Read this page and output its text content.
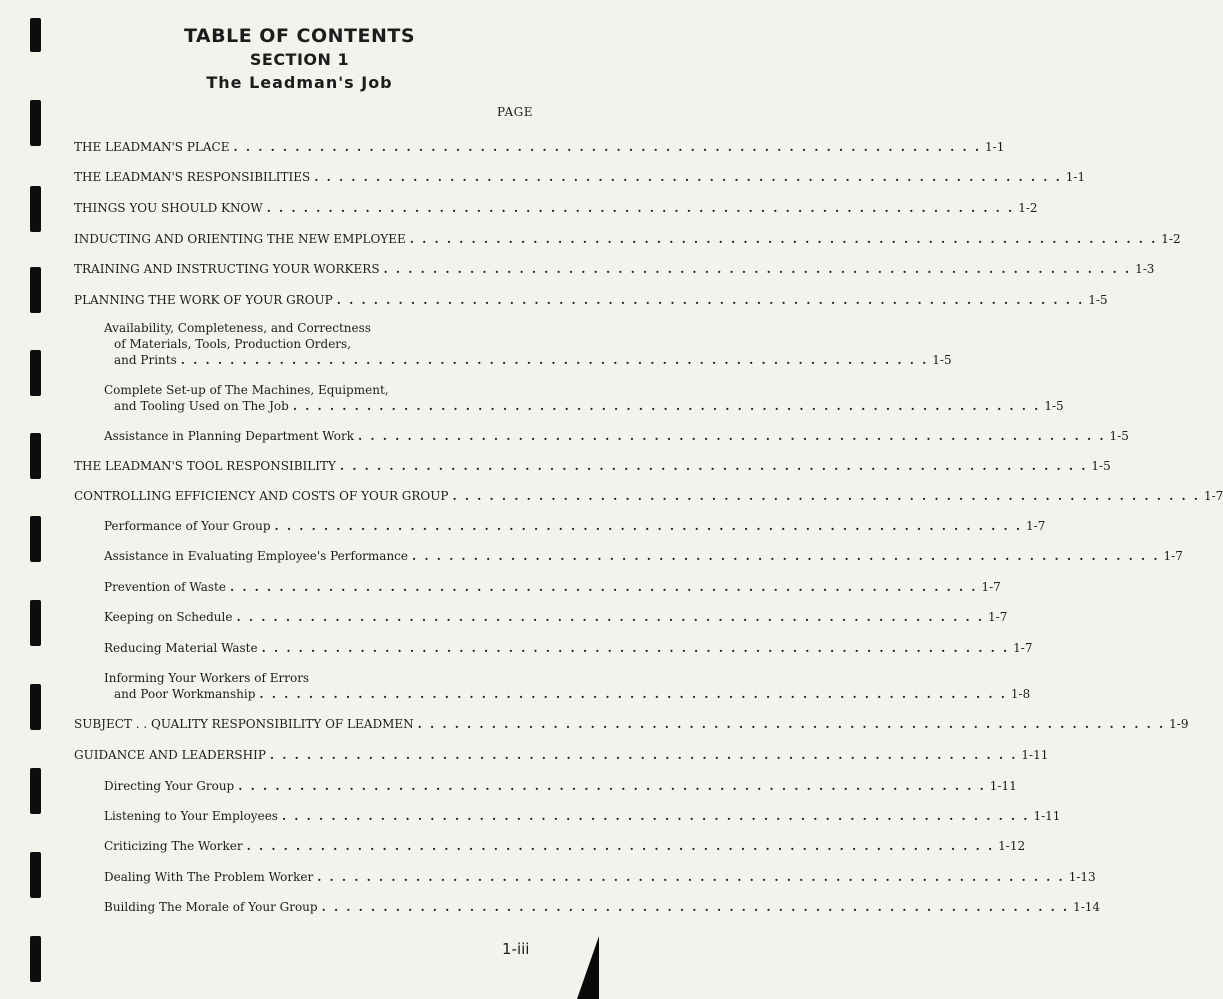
TABLE OF CONTENTS
SECTION 1
The Leadman's Job
PAGE
THE LEADMAN'S PLACE . . . . . . . . . . . . . . . . . . . . . . . . . . . . . . . . . . . . . . . . . . . . . . . . . . . . . . . . . . . . . 1-1
THE LEADMAN'S RESPONSIBILITIES . . . . . . . . . . . . . . . . . . . . . . . . . . . . . . . . . . . . . . . . . . . . . . . . . . . . . . . . . . . . . 1-1
THINGS YOU SHOULD KNOW . . . . . . . . . . . . . . . . . . . . . . . . . . . . . . . . . . . . . . . . . . . . . . . . . . . . . . . . . . . . . 1-2
INDUCTING AND ORIENTING THE NEW EMPLOYEE . . . . . . . . . . . . . . . . . . . . . . . . . . . . . . . . . . . . . . . . . . . . . . . . . . . . . . . . . . . . . 1-2
TRAINING AND INSTRUCTING YOUR WORKERS . . . . . . . . . . . . . . . . . . . . . . . . . . . . . . . . . . . . . . . . . . . . . . . . . . . . . . . . . . . . . 1-3
PLANNING THE WORK OF YOUR GROUP . . . . . . . . . . . . . . . . . . . . . . . . . . . . . . . . . . . . . . . . . . . . . . . . . . . . . . . . . . . . . 1-5
Availability, Completeness, and Correctness
of Materials, Tools, Production Orders,
and Prints . . . . . . . . . . . . . . . . . . . . . . . . . . . . . . . . . . . . . . . . . . . . . . . . . . . . . . . . . . . . . 1-5
Complete Set-up of The Machines, Equipment,
and Tooling Used on The Job . . . . . . . . . . . . . . . . . . . . . . . . . . . . . . . . . . . . . . . . . . . . . . . . . . . . . . . . . . . . . 1-5
Assistance in Planning Department Work . . . . . . . . . . . . . . . . . . . . . . . . . . . . . . . . . . . . . . . . . . . . . . . . . . . . . . . . . . . . . 1-5
THE LEADMAN'S TOOL RESPONSIBILITY . . . . . . . . . . . . . . . . . . . . . . . . . . . . . . . . . . . . . . . . . . . . . . . . . . . . . . . . . . . . . 1-5
CONTROLLING EFFICIENCY AND COSTS OF YOUR GROUP . . . . . . . . . . . . . . . . . . . . . . . . . . . . . . . . . . . . . . . . . . . . . . . . . . . . . . . . . . . . . 1-7
Performance of Your Group . . . . . . . . . . . . . . . . . . . . . . . . . . . . . . . . . . . . . . . . . . . . . . . . . . . . . . . . . . . . . 1-7
Assistance in Evaluating Employee's Performance . . . . . . . . . . . . . . . . . . . . . . . . . . . . . . . . . . . . . . . . . . . . . . . . . . . . . . . . . . . . . 1-7
Prevention of Waste . . . . . . . . . . . . . . . . . . . . . . . . . . . . . . . . . . . . . . . . . . . . . . . . . . . . . . . . . . . . . 1-7
Keeping on Schedule . . . . . . . . . . . . . . . . . . . . . . . . . . . . . . . . . . . . . . . . . . . . . . . . . . . . . . . . . . . . . 1-7
Reducing Material Waste . . . . . . . . . . . . . . . . . . . . . . . . . . . . . . . . . . . . . . . . . . . . . . . . . . . . . . . . . . . . . 1-7
Informing Your Workers of Errors
and Poor Workmanship . . . . . . . . . . . . . . . . . . . . . . . . . . . . . . . . . . . . . . . . . . . . . . . . . . . . . . . . . . . . . 1-8
SUBJECT . . QUALITY RESPONSIBILITY OF LEADMEN . . . . . . . . . . . . . . . . . . . . . . . . . . . . . . . . . . . . . . . . . . . . . . . . . . . . . . . . . . . . . 1-9
GUIDANCE AND LEADERSHIP . . . . . . . . . . . . . . . . . . . . . . . . . . . . . . . . . . . . . . . . . . . . . . . . . . . . . . . . . . . . . 1-11
Directing Your Group . . . . . . . . . . . . . . . . . . . . . . . . . . . . . . . . . . . . . . . . . . . . . . . . . . . . . . . . . . . . . 1-11
Listening to Your Employees . . . . . . . . . . . . . . . . . . . . . . . . . . . . . . . . . . . . . . . . . . . . . . . . . . . . . . . . . . . . . 1-11
Criticizing The Worker . . . . . . . . . . . . . . . . . . . . . . . . . . . . . . . . . . . . . . . . . . . . . . . . . . . . . . . . . . . . . 1-12
Dealing With The Problem Worker . . . . . . . . . . . . . . . . . . . . . . . . . . . . . . . . . . . . . . . . . . . . . . . . . . . . . . . . . . . . . 1-13
Building The Morale of Your Group . . . . . . . . . . . . . . . . . . . . . . . . . . . . . . . . . . . . . . . . . . . . . . . . . . . . . . . . . . . . . 1-14
1-iii
